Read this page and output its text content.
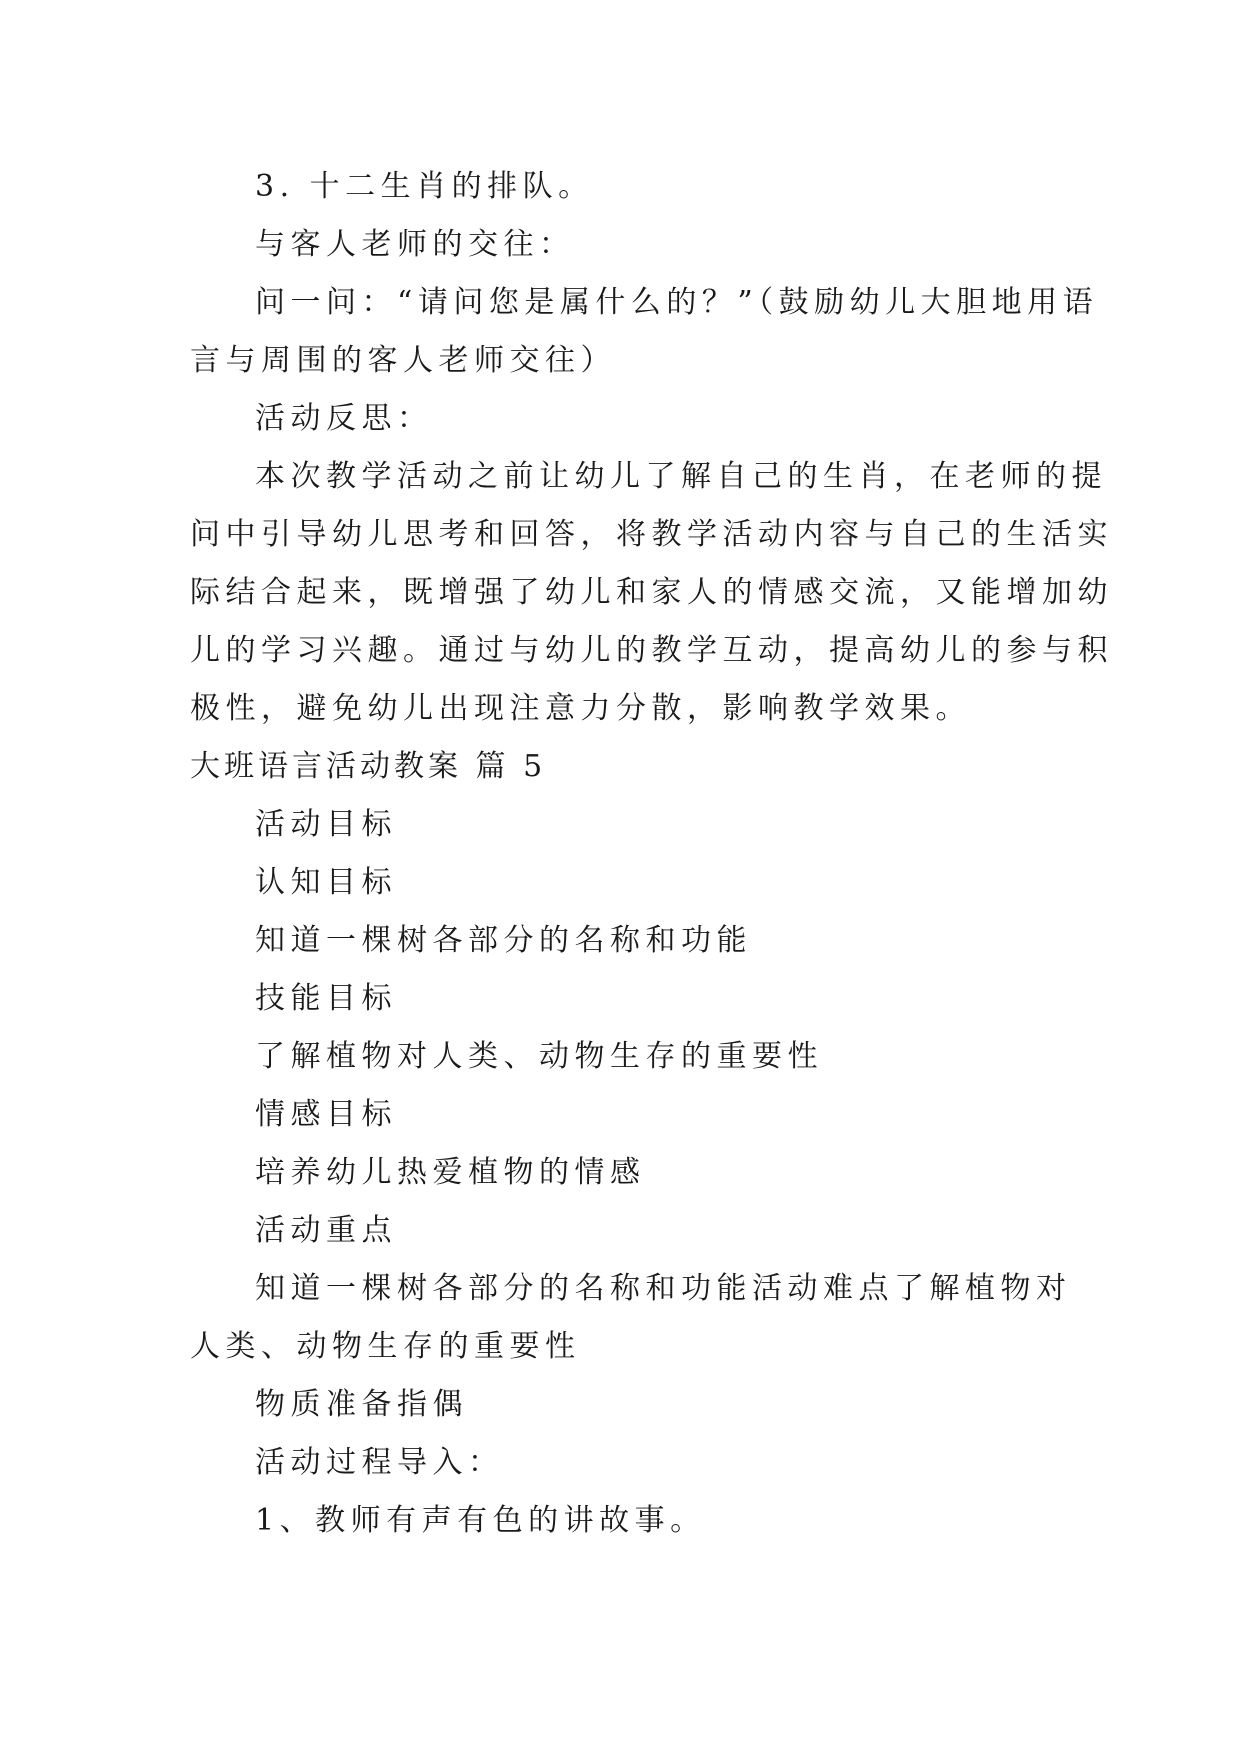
3. 十二生肖的排队。
与客人老师的交往：
问一问：“请问您是属什么的？”（鼓励幼儿大胆地用语
言与周围的客人老师交往）
活动反思：
本次教学活动之前让幼儿了解自己的生肖，在老师的提
问中引导幼儿思考和回答，将教学活动内容与自己的生活实
际结合起来，既增强了幼儿和家人的情感交流，又能增加幼
儿的学习兴趣。通过与幼儿的教学互动，提高幼儿的参与积
极性，避免幼儿出现注意力分散，影响教学效果。
大班语言活动教案 篇 5
活动目标
认知目标
知道一棵树各部分的名称和功能
技能目标
了解植物对人类、动物生存的重要性
情感目标
培养幼儿热爱植物的情感
活动重点
知道一棵树各部分的名称和功能活动难点了解植物对
人类、动物生存的重要性
物质准备指偶
活动过程导入：
1、教师有声有色的讲故事。
